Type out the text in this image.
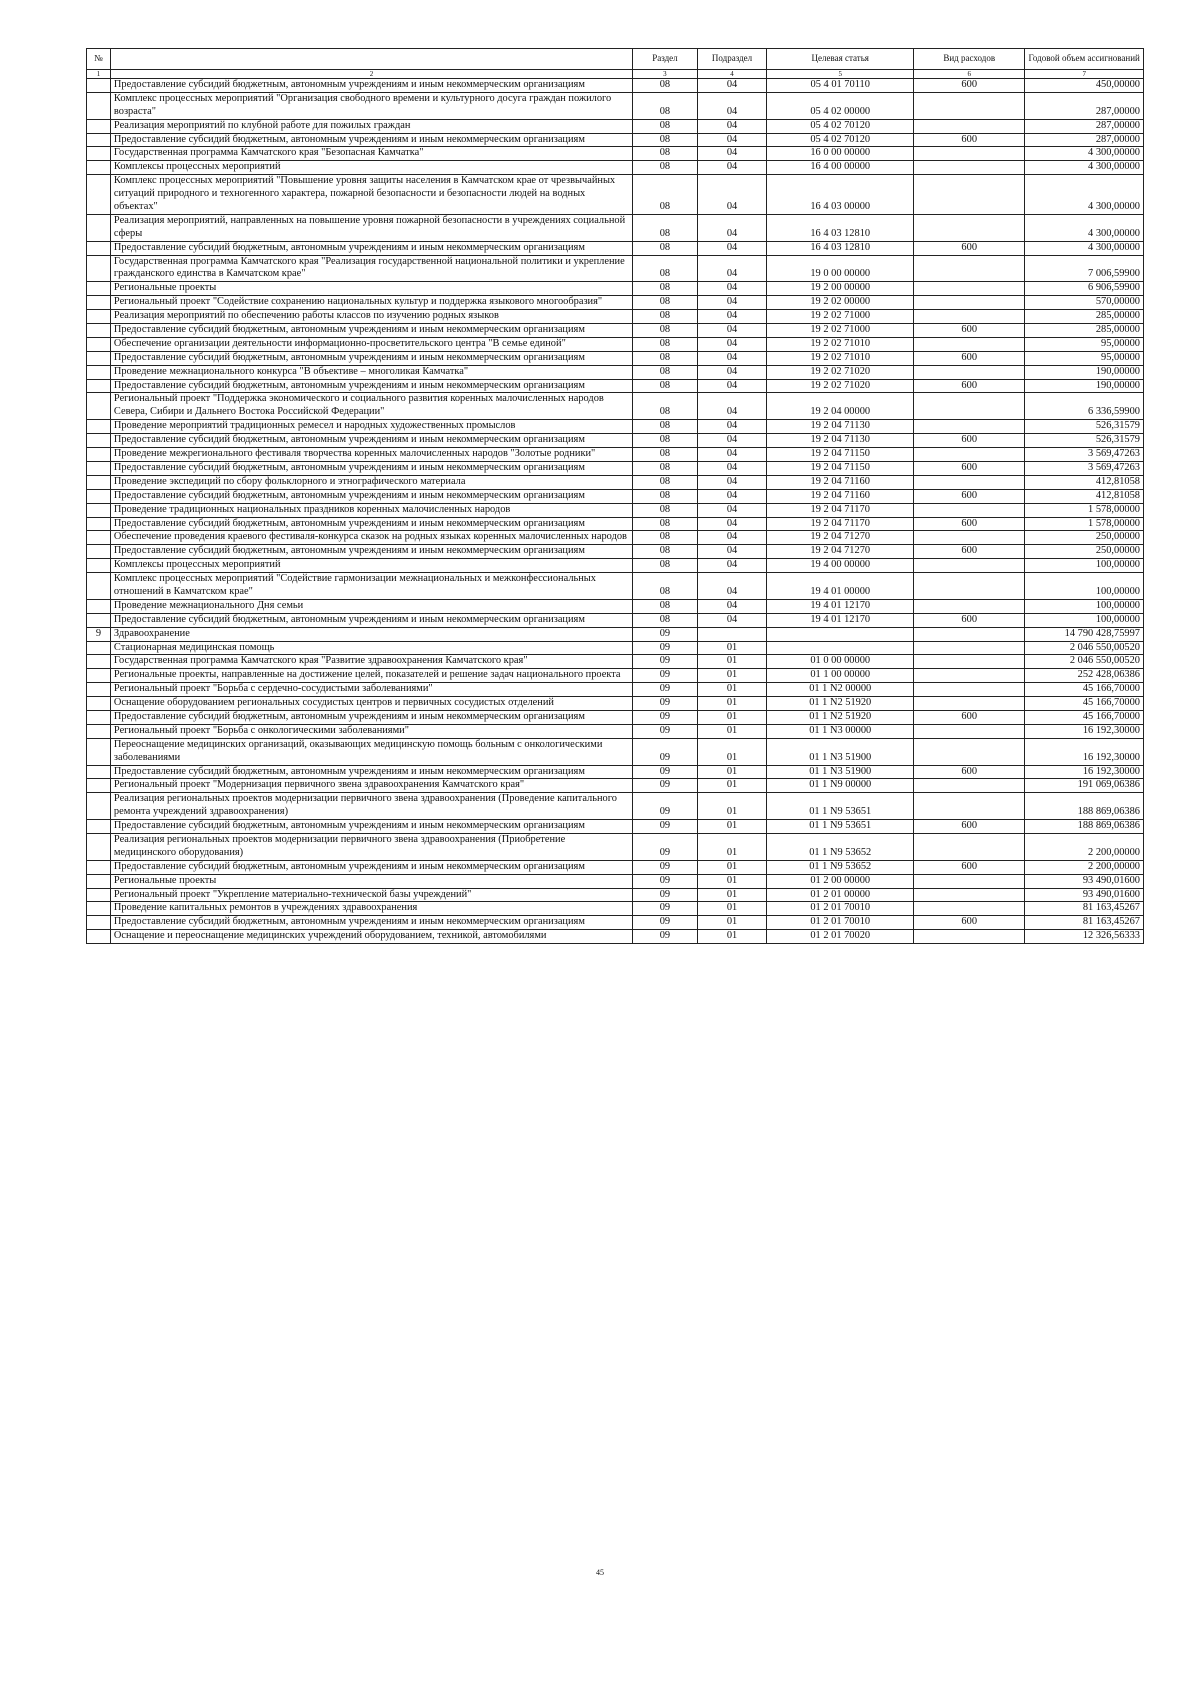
№		Раздел	Подраздел	Целевая статья	Вид расходов	Годовой объем ассигнований
1	2	3	4	5	6	7
	Предоставление субсидий бюджетным, автономным учреждениям и иным некоммерческим организациям	08	04	05 4 01 70110	600	450,00000
	Комплекс процессных мероприятий "Организация свободного времени и культурного досуга граждан пожилого возраста"	08	04	05 4 02 00000		287,00000
	Реализация мероприятий по клубной работе для пожилых граждан	08	04	05 4 02 70120		287,00000
	Предоставление субсидий бюджетным, автономным учреждениям и иным некоммерческим организациям	08	04	05 4 02 70120	600	287,00000
	Государственная программа Камчатского края "Безопасная Камчатка"	08	04	16 0 00 00000		4 300,00000
	Комплексы процессных мероприятий	08	04	16 4 00 00000		4 300,00000
	Комплекс процессных мероприятий "Повышение уровня защиты населения в Камчатском крае от чрезвычайных ситуаций природного и техногенного характера, пожарной безопасности и безопасности людей на водных объектах"	08	04	16 4 03 00000		4 300,00000
	Реализация мероприятий, направленных на повышение уровня пожарной безопасности в учреждениях социальной сферы	08	04	16 4 03 12810		4 300,00000
	Предоставление субсидий бюджетным, автономным учреждениям и иным некоммерческим организациям	08	04	16 4 03 12810	600	4 300,00000
	Государственная программа Камчатского края "Реализация государственной национальной политики и укрепление гражданского единства в Камчатском крае"	08	04	19 0 00 00000		7 006,59900
	Региональные проекты	08	04	19 2 00 00000		6 906,59900
	Региональный проект "Содействие сохранению национальных культур и поддержка языкового многообразия"	08	04	19 2 02 00000		570,00000
	Реализация мероприятий по обеспечению работы классов по изучению родных языков	08	04	19 2 02 71000		285,00000
	Предоставление субсидий бюджетным, автономным учреждениям и иным некоммерческим организациям	08	04	19 2 02 71000	600	285,00000
	Обеспечение организации деятельности информационно-просветительского центра "В семье единой"	08	04	19 2 02 71010		95,00000
	Предоставление субсидий бюджетным, автономным учреждениям и иным некоммерческим организациям	08	04	19 2 02 71010	600	95,00000
	Проведение межнационального конкурса "В объективе – многоликая Камчатка"	08	04	19 2 02 71020		190,00000
	Предоставление субсидий бюджетным, автономным учреждениям и иным некоммерческим организациям	08	04	19 2 02 71020	600	190,00000
	Региональный проект "Поддержка экономического и социального развития коренных малочисленных народов Севера, Сибири и Дальнего Востока Российской Федерации"	08	04	19 2 04 00000		6 336,59900
	Проведение мероприятий традиционных ремесел и народных художественных промыслов	08	04	19 2 04 71130		526,31579
	Предоставление субсидий бюджетным, автономным учреждениям и иным некоммерческим организациям	08	04	19 2 04 71130	600	526,31579
	Проведение межрегионального фестиваля творчества коренных малочисленных народов "Золотые родники"	08	04	19 2 04 71150		3 569,47263
	Предоставление субсидий бюджетным, автономным учреждениям и иным некоммерческим организациям	08	04	19 2 04 71150	600	3 569,47263
	Проведение экспедиций по сбору фольклорного и этнографического материала	08	04	19 2 04 71160		412,81058
	Предоставление субсидий бюджетным, автономным учреждениям и иным некоммерческим организациям	08	04	19 2 04 71160	600	412,81058
	Проведение традиционных национальных праздников коренных малочисленных народов	08	04	19 2 04 71170		1 578,00000
	Предоставление субсидий бюджетным, автономным учреждениям и иным некоммерческим организациям	08	04	19 2 04 71170	600	1 578,00000
	Обеспечение проведения краевого фестиваля-конкурса сказок на родных языках коренных малочисленных народов	08	04	19 2 04 71270		250,00000
	Предоставление субсидий бюджетным, автономным учреждениям и иным некоммерческим организациям	08	04	19 2 04 71270	600	250,00000
	Комплексы процессных мероприятий	08	04	19 4 00 00000		100,00000
	Комплекс процессных мероприятий "Содействие гармонизации межнациональных и межконфессиональных отношений в Камчатском крае"	08	04	19 4 01 00000		100,00000
	Проведение межнационального Дня семьи	08	04	19 4 01 12170		100,00000
	Предоставление субсидий бюджетным, автономным учреждениям и иным некоммерческим организациям	08	04	19 4 01 12170	600	100,00000
9	Здравоохранение	09				14 790 428,75997
	Стационарная медицинская помощь	09	01			2 046 550,00520
	Государственная программа Камчатского края "Развитие здравоохранения Камчатского края"	09	01	01 0 00 00000		2 046 550,00520
	Региональные проекты, направленные на достижение целей, показателей и решение задач национального проекта	09	01	01 1 00 00000		252 428,06386
	Региональный проект "Борьба с сердечно-сосудистыми заболеваниями"	09	01	01 1 N2 00000		45 166,70000
	Оснащение оборудованием региональных сосудистых центров и первичных сосудистых отделений	09	01	01 1 N2 51920		45 166,70000
	Предоставление субсидий бюджетным, автономным учреждениям и иным некоммерческим организациям	09	01	01 1 N2 51920	600	45 166,70000
	Региональный проект "Борьба с онкологическими заболеваниями"	09	01	01 1 N3 00000		16 192,30000
	Переоснащение медицинских организаций, оказывающих медицинскую помощь больным с онкологическими заболеваниями	09	01	01 1 N3 51900		16 192,30000
	Предоставление субсидий бюджетным, автономным учреждениям и иным некоммерческим организациям	09	01	01 1 N3 51900	600	16 192,30000
	Региональный проект "Модернизация первичного звена здравоохранения Камчатского края"	09	01	01 1 N9 00000		191 069,06386
	Реализация региональных проектов модернизации первичного звена здравоохранения (Проведение капитального ремонта учреждений здравоохранения)	09	01	01 1 N9 53651		188 869,06386
	Предоставление субсидий бюджетным, автономным учреждениям и иным некоммерческим организациям	09	01	01 1 N9 53651	600	188 869,06386
	Реализация региональных проектов модернизации первичного звена здравоохранения (Приобретение медицинского оборудования)	09	01	01 1 N9 53652		2 200,00000
	Предоставление субсидий бюджетным, автономным учреждениям и иным некоммерческим организациям	09	01	01 1 N9 53652	600	2 200,00000
	Региональные проекты	09	01	01 2 00 00000		93 490,01600
	Региональный проект "Укрепление материально-технической базы учреждений"	09	01	01 2 01 00000		93 490,01600
	Проведение капитальных ремонтов в учреждениях здравоохранения	09	01	01 2 01 70010		81 163,45267
	Предоставление субсидий бюджетным, автономным учреждениям и иным некоммерческим организациям	09	01	01 2 01 70010	600	81 163,45267
	Оснащение и переоснащение медицинских учреждений оборудованием, техникой, автомобилями	09	01	01 2 01 70020		12 326,56333
45
